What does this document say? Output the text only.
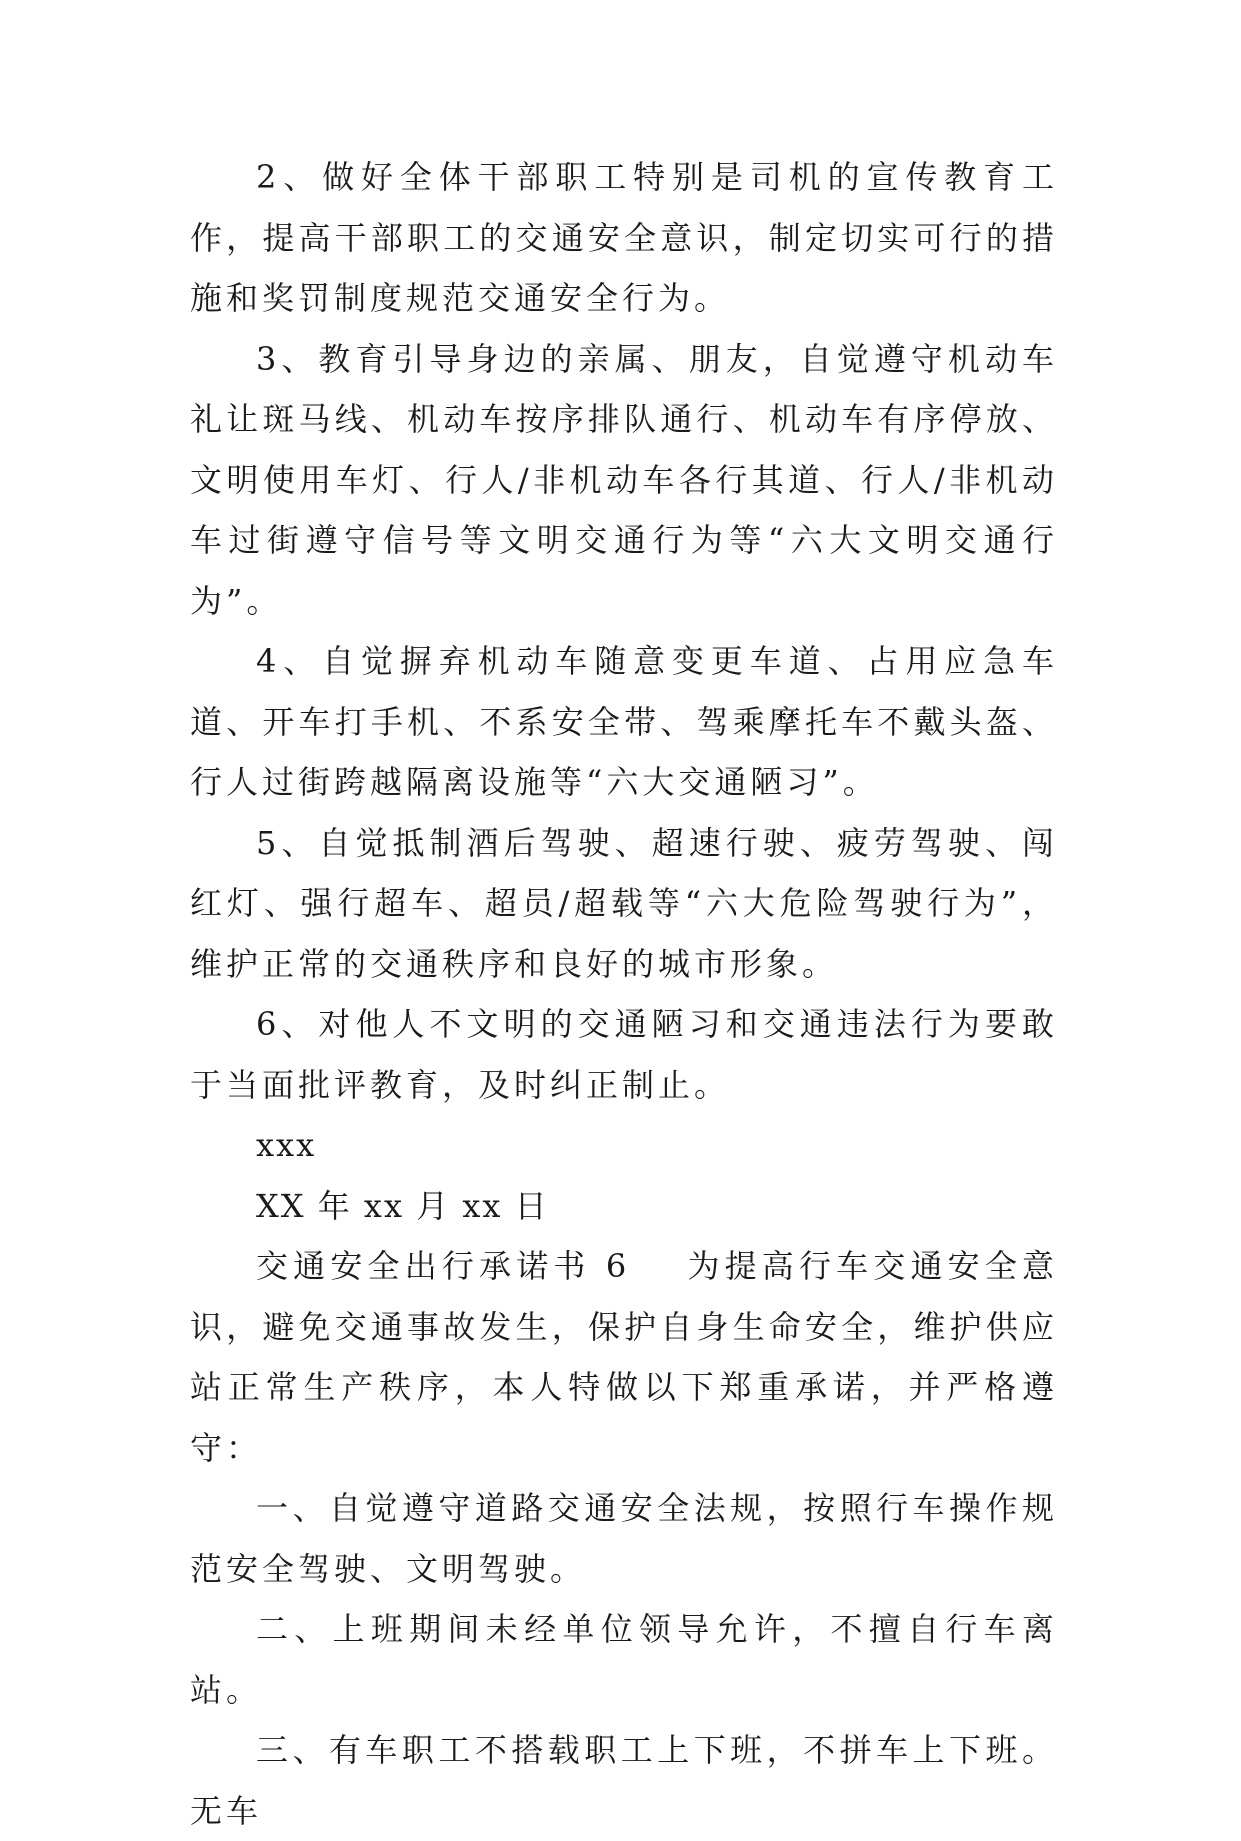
2、做好全体干部职工特别是司机的宣传教育工作，提高干部职工的交通安全意识，制定切实可行的措施和奖罚制度规范交通安全行为。

3、教育引导身边的亲属、朋友，自觉遵守机动车礼让斑马线、机动车按序排队通行、机动车有序停放、文明使用车灯、行人/非机动车各行其道、行人/非机动车过街遵守信号等文明交通行为等“六大文明交通行为”。

4、自觉摒弃机动车随意变更车道、占用应急车道、开车打手机、不系安全带、驾乘摩托车不戴头盔、行人过街跨越隔离设施等“六大交通陋习”。

5、自觉抵制酒后驾驶、超速行驶、疲劳驾驶、闯红灯、强行超车、超员/超载等“六大危险驾驶行为”，维护正常的交通秩序和良好的城市形象。

6、对他人不文明的交通陋习和交通违法行为要敢于当面批评教育，及时纠正制止。

xxx

XX 年 xx 月 xx 日

交通安全出行承诺书 6 为提高行车交通安全意识，避免交通事故发生，保护自身生命安全，维护供应站正常生产秩序，本人特做以下郑重承诺，并严格遵守：

一、自觉遵守道路交通安全法规，按照行车操作规范安全驾驶、文明驾驶。

二、上班期间未经单位领导允许，不擅自行车离站。

三、有车职工不搭载职工上下班，不拼车上下班。无车
